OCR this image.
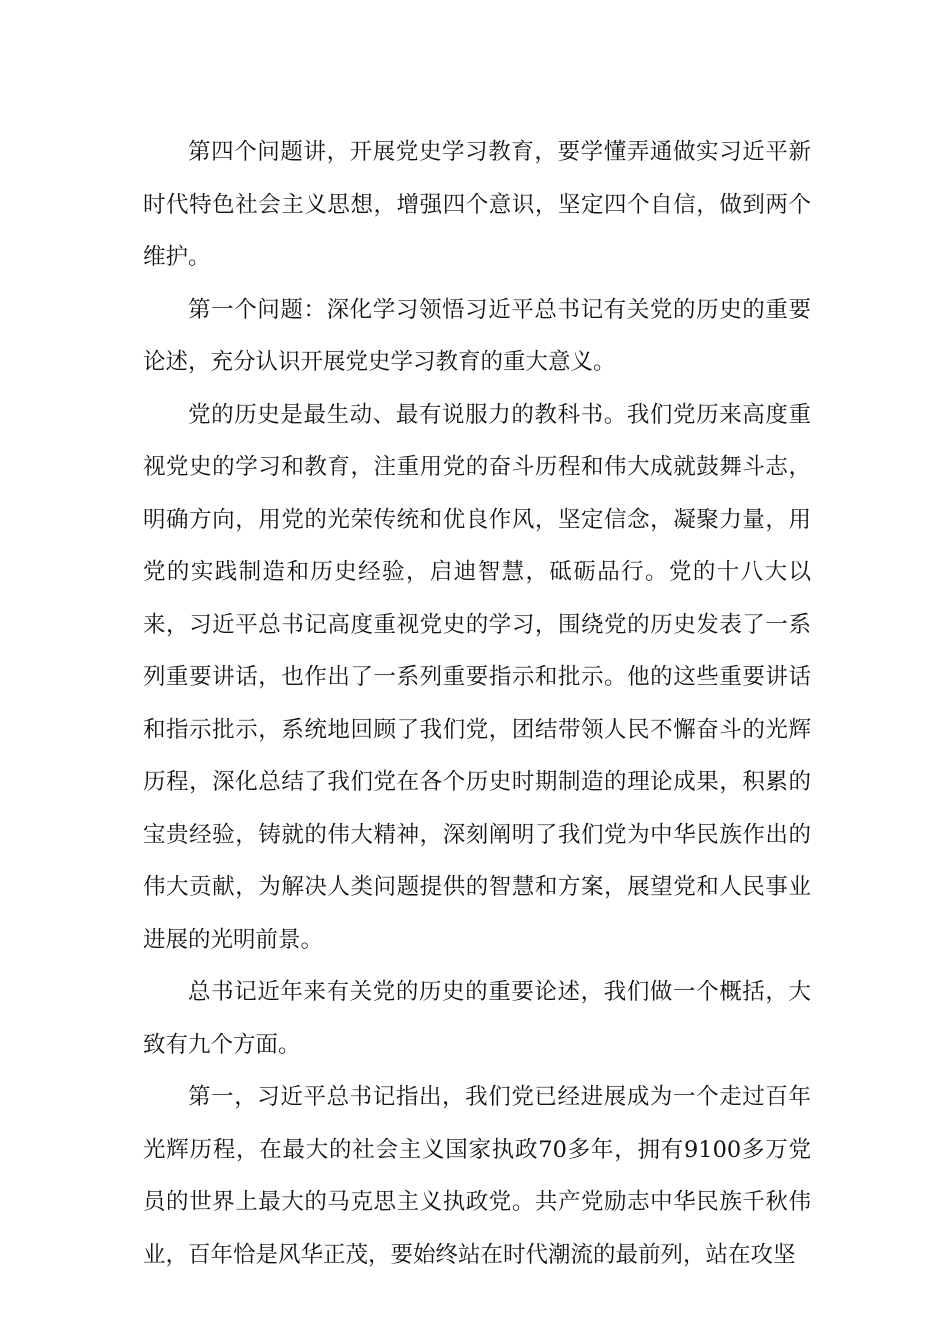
第四个问题讲，开展党史学习教育，要学懂弄通做实习近平新时代特色社会主义思想，增强四个意识，坚定四个自信，做到两个维护。

第一个问题：深化学习领悟习近平总书记有关党的历史的重要论述，充分认识开展党史学习教育的重大意义。

党的历史是最生动、最有说服力的教科书。我们党历来高度重视党史的学习和教育，注重用党的奋斗历程和伟大成就鼓舞斗志，明确方向，用党的光荣传统和优良作风，坚定信念，凝聚力量，用党的实践制造和历史经验，启迪智慧，砥砺品行。党的十八大以来，习近平总书记高度重视党史的学习，围绕党的历史发表了一系列重要讲话，也作出了一系列重要指示和批示。他的这些重要讲话和指示批示，系统地回顾了我们党，团结带领人民不懈奋斗的光辉历程，深化总结了我们党在各个历史时期制造的理论成果，积累的宝贵经验，铸就的伟大精神，深刻阐明了我们党为中华民族作出的伟大贡献，为解决人类问题提供的智慧和方案，展望党和人民事业进展的光明前景。

总书记近年来有关党的历史的重要论述，我们做一个概括，大致有九个方面。

第一，习近平总书记指出，我们党已经进展成为一个走过百年光辉历程，在最大的社会主义国家执政70多年，拥有9100多万党员的世界上最大的马克思主义执政党。共产党励志中华民族千秋伟业，百年恰是风华正茂，要始终站在时代潮流的最前列，站在攻坚
